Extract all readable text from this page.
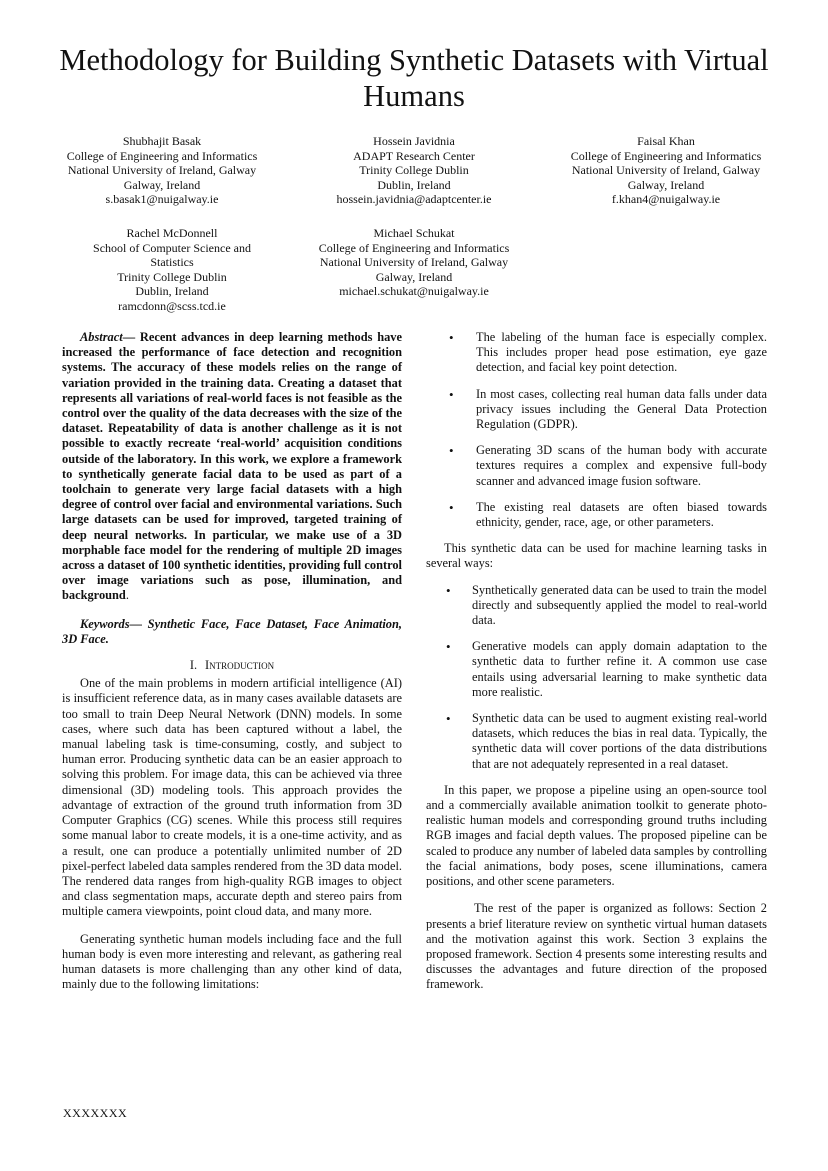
Methodology for Building Synthetic Datasets with Virtual Humans

Shubhajit Basak

College of Engineering and Informatics

National University of Ireland, Galway

Galway, Ireland

s.basak1@nuigalway.ie

Hossein Javidnia

ADAPT Research Center

Trinity College Dublin

Dublin, Ireland

hossein.javidnia@adaptcenter.ie

Faisal Khan

College of Engineering and Informatics

National University of Ireland, Galway

Galway, Ireland

f.khan4@nuigalway.ie

Rachel McDonnell

School of Computer Science and

Statistics

Trinity College Dublin

Dublin, Ireland

ramcdonn@scss.tcd.ie

Michael Schukat

College of Engineering and Informatics

National University of Ireland, Galway

Galway, Ireland

michael.schukat@nuigalway.ie

Abstract— Recent advances in deep learning methods have increased the performance of face detection and recognition systems. The accuracy of these models relies on the range of variation provided in the training data. Creating a dataset that represents all variations of real-world faces is not feasible as the control over the quality of the data decreases with the size of the dataset. Repeatability of data is another challenge as it is not possible to exactly recreate ‘real-world’ acquisition conditions outside of the laboratory. In this work, we explore a framework to synthetically generate facial data to be used as part of a toolchain to generate very large facial datasets with a high degree of control over facial and environmental variations. Such large datasets can be used for improved, targeted training of deep neural networks. In particular, we make use of a 3D morphable face model for the rendering of multiple 2D images across a dataset of 100 synthetic identities, providing full control over image variations such as pose, illumination, and background.

Keywords— Synthetic Face, Face Dataset, Face Animation, 3D Face.

I. Introduction

One of the main problems in modern artificial intelligence (AI) is insufficient reference data, as in many cases available datasets are too small to train Deep Neural Network (DNN) models. In some cases, where such data has been captured without a label, the manual labeling task is time-consuming, costly, and subject to human error. Producing synthetic data can be an easier approach to solving this problem. For image data, this can be achieved via three dimensional (3D) modeling tools. This approach provides the advantage of extraction of the ground truth information from 3D Computer Graphics (CG) scenes. While this process still requires some manual labor to create models, it is a one-time activity, and as a result, one can produce a potentially unlimited number of 2D pixel-perfect labeled data samples rendered from the 3D data model. The rendered data ranges from high-quality RGB images to object and class segmentation maps, accurate depth and stereo pairs from multiple camera viewpoints, point cloud data, and many more.

Generating synthetic human models including face and the full human body is even more interesting and relevant, as gathering real human datasets is more challenging than any other kind of data, mainly due to the following limitations:

• The labeling of the human face is especially complex. This includes proper head pose estimation, eye gaze detection, and facial key point detection.
• In most cases, collecting real human data falls under data privacy issues including the General Data Protection Regulation (GDPR).
• Generating 3D scans of the human body with accurate textures requires a complex and expensive full-body scanner and advanced image fusion software.
• The existing real datasets are often biased towards ethnicity, gender, race, age, or other parameters.

This synthetic data can be used for machine learning tasks in several ways:

• Synthetically generated data can be used to train the model directly and subsequently applied the model to real-world data.
• Generative models can apply domain adaptation to the synthetic data to further refine it. A common use case entails using adversarial learning to make synthetic data more realistic.
• Synthetic data can be used to augment existing real-world datasets, which reduces the bias in real data. Typically, the synthetic data will cover portions of the data distributions that are not adequately represented in a real dataset.

In this paper, we propose a pipeline using an open-source tool and a commercially available animation toolkit to generate photo-realistic human models and corresponding ground truths including RGB images and facial depth values. The proposed pipeline can be scaled to produce any number of labeled data samples by controlling the facial animations, body poses, scene illuminations, camera positions, and other scene parameters.

The rest of the paper is organized as follows: Section 2 presents a brief literature review on synthetic virtual human datasets and the motivation against this work. Section 3 explains the proposed framework. Section 4 presents some interesting results and discusses the advantages and future direction of the proposed framework.

XXXXXXX
